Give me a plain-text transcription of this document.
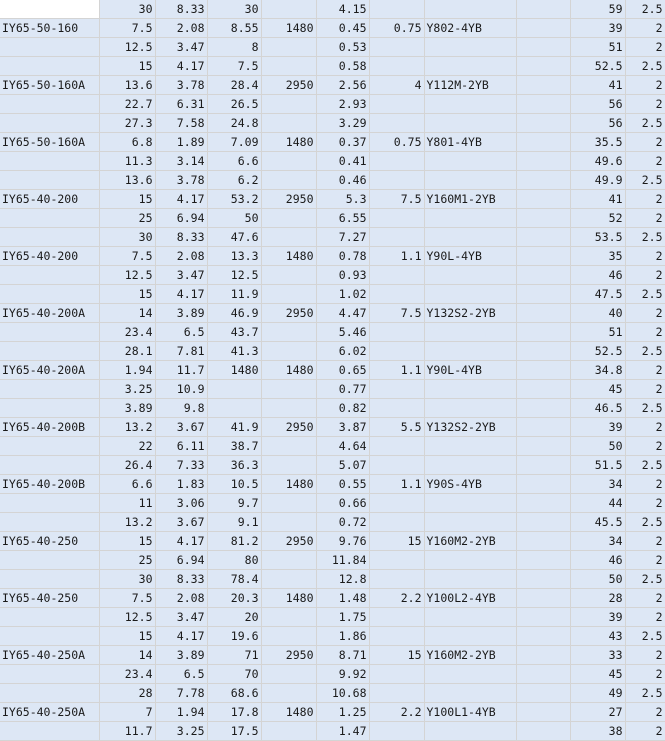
	30	8.33	30		4.15				59	2.5	
IY65-50-160	7.5	2.08	8.55	1480	0.45	0.75	Y802-4YB		39	2	
	12.5	3.47	8		0.53				51	2	
	15	4.17	7.5		0.58				52.5	2.5	
IY65-50-160A	13.6	3.78	28.4	2950	2.56	4	Y112M-2YB		41	2	
	22.7	6.31	26.5		2.93				56	2	
	27.3	7.58	24.8		3.29				56	2.5	
IY65-50-160A	6.8	1.89	7.09	1480	0.37	0.75	Y801-4YB		35.5	2	
	11.3	3.14	6.6		0.41				49.6	2	
	13.6	3.78	6.2		0.46				49.9	2.5	
IY65-40-200	15	4.17	53.2	2950	5.3	7.5	Y160M1-2YB		41	2	
	25	6.94	50		6.55				52	2	
	30	8.33	47.6		7.27				53.5	2.5	
IY65-40-200	7.5	2.08	13.3	1480	0.78	1.1	Y90L-4YB		35	2	
	12.5	3.47	12.5		0.93				46	2	
	15	4.17	11.9		1.02				47.5	2.5	
IY65-40-200A	14	3.89	46.9	2950	4.47	7.5	Y132S2-2YB		40	2	
	23.4	6.5	43.7		5.46				51	2	
	28.1	7.81	41.3		6.02				52.5	2.5	
IY65-40-200A	1.94	11.7	1480	1480	0.65	1.1	Y90L-4YB		34.8	2	
	3.25	10.9			0.77				45	2	
	3.89	9.8			0.82				46.5	2.5	
IY65-40-200B	13.2	3.67	41.9	2950	3.87	5.5	Y132S2-2YB		39	2	
	22	6.11	38.7		4.64				50	2	
	26.4	7.33	36.3		5.07				51.5	2.5	
IY65-40-200B	6.6	1.83	10.5	1480	0.55	1.1	Y90S-4YB		34	2	
	11	3.06	9.7		0.66				44	2	
	13.2	3.67	9.1		0.72				45.5	2.5	
IY65-40-250	15	4.17	81.2	2950	9.76	15	Y160M2-2YB		34	2	
	25	6.94	80		11.84				46	2	
	30	8.33	78.4		12.8				50	2.5	
IY65-40-250	7.5	2.08	20.3	1480	1.48	2.2	Y100L2-4YB		28	2	
	12.5	3.47	20		1.75				39	2	
	15	4.17	19.6		1.86				43	2.5	
IY65-40-250A	14	3.89	71	2950	8.71	15	Y160M2-2YB		33	2	
	23.4	6.5	70		9.92				45	2	
	28	7.78	68.6		10.68				49	2.5	
IY65-40-250A	7	1.94	17.8	1480	1.25	2.2	Y100L1-4YB		27	2	
	11.7	3.25	17.5		1.47				38	2	
